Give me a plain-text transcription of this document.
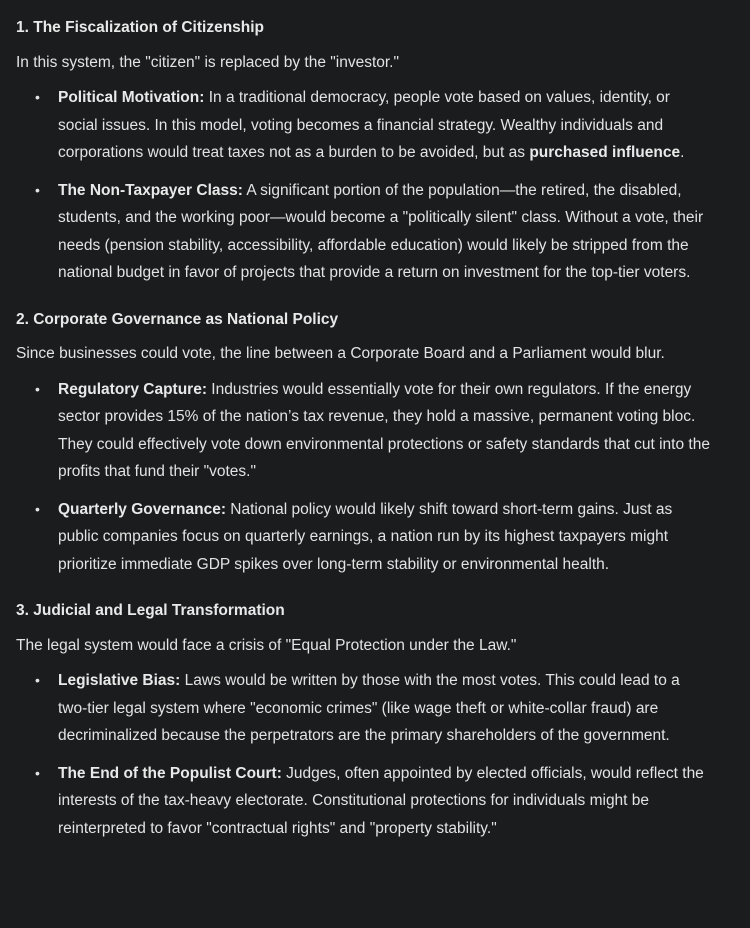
1. The Fiscalization of Citizenship

In this system, the "citizen" is replaced by the "investor."

• Political Motivation: In a traditional democracy, people vote based on values, identity, or social issues. In this model, voting becomes a financial strategy. Wealthy individuals and corporations would treat taxes not as a burden to be avoided, but as purchased influence.
• The Non-Taxpayer Class: A significant portion of the population—the retired, the disabled, students, and the working poor—would become a "politically silent" class. Without a vote, their needs (pension stability, accessibility, affordable education) would likely be stripped from the national budget in favor of projects that provide a return on investment for the top-tier voters.
2. Corporate Governance as National Policy

Since businesses could vote, the line between a Corporate Board and a Parliament would blur.

• Regulatory Capture: Industries would essentially vote for their own regulators. If the energy sector provides 15% of the nation’s tax revenue, they hold a massive, permanent voting bloc. They could effectively vote down environmental protections or safety standards that cut into the profits that fund their "votes."
• Quarterly Governance: National policy would likely shift toward short-term gains. Just as public companies focus on quarterly earnings, a nation run by its highest taxpayers might prioritize immediate GDP spikes over long-term stability or environmental health.
3. Judicial and Legal Transformation

The legal system would face a crisis of "Equal Protection under the Law."

• Legislative Bias: Laws would be written by those with the most votes. This could lead to a two-tier legal system where "economic crimes" (like wage theft or white-collar fraud) are decriminalized because the perpetrators are the primary shareholders of the government.
• The End of the Populist Court: Judges, often appointed by elected officials, would reflect the interests of the tax-heavy electorate. Constitutional protections for individuals might be reinterpreted to favor "contractual rights" and "property stability."
